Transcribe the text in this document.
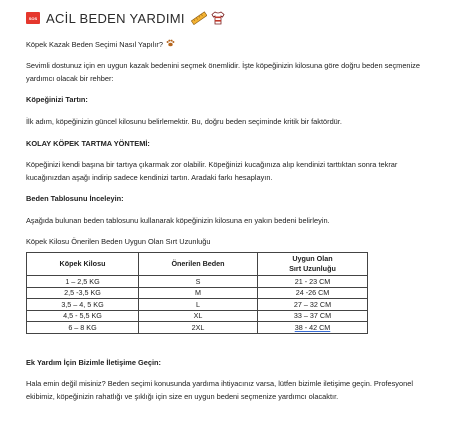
SOS ACİL BEDEN YARDIMI

Köpek Kazak Beden Seçimi Nasıl Yapılır?

Sevimli dostunuz için en uygun kazak bedenini seçmek önemlidir. İşte köpeğinizin kilosuna göre doğru beden seçmenize yardımcı olacak bir rehber:

Köpeğinizi Tartın:

İlk adım, köpeğinizin güncel kilosunu belirlemektir. Bu, doğru beden seçiminde kritik bir faktördür.

KOLAY KÖPEK TARTMA YÖNTEMİ:

Köpeğinizi kendi başına bir tartıya çıkarmak zor olabilir. Köpeğinizi kucağınıza alıp kendinizi tarttıktan sonra tekrar kucağınızdan aşağı indirip sadece kendinizi tartın. Aradaki farkı hesaplayın.

Beden Tablosunu İnceleyin:

Aşağıda bulunan beden tablosunu kullanarak köpeğinizin kilosuna en yakın bedeni belirleyin.

Köpek Kilosu Önerilen Beden Uygun Olan Sırt Uzunluğu

Köpek Kilosu	Önerilen Beden	Uygun Olan
Sırt Uzunluğu
1 – 2,5 KG	S	21 - 23 CM
2,5 -3,5 KG	M	24 -26 CM
3,5 – 4, 5 KG	L	27 – 32 CM
4,5 - 5,5 KG	XL	33 – 37 CM
6 – 8 KG	2XL	38 - 42 CM

Ek Yardım İçin Bizimle İletişime Geçin:

Hala emin değil misiniz? Beden seçimi konusunda yardıma ihtiyacınız varsa, lütfen bizimle iletişime geçin. Profesyonel ekibimiz, köpeğinizin rahatlığı ve şıklığı için size en uygun bedeni seçmenize yardımcı olacaktır.
